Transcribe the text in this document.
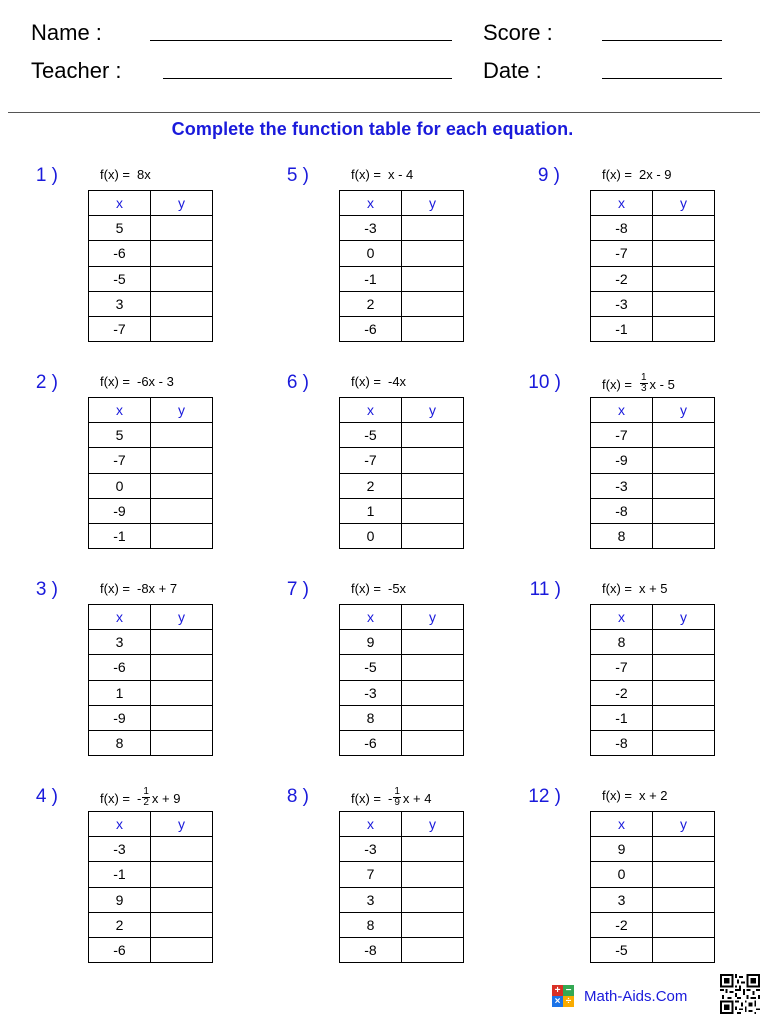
Name :	Score :
Teacher :	Date :
Complete the function table for each equation.
1 )	f(x) = 8x
x	y
5	
-6	
-5	
3	
-7	
2 )	f(x) = -6x - 3
x	y
5	
-7	
0	
-9	
-1	
3 )	f(x) = -8x + 7
x	y
3	
-6	
1	
-9	
8	
4 )	f(x) = - $\frac{1}{2}$ x + 9
x	y
-3	
-1	
9	
2	
-6	
5 )	f(x) = x - 4
x	y
-3	
0	
-1	
2	
-6	
6 )	f(x) = -4x
x	y
-5	
-7	
2	
1	
0	
7 )	f(x) = -5x
x	y
9	
-5	
-3	
8	
-6	
8 )	f(x) = - $\frac{1}{9}$ x + 4
x	y
-3	
7	
3	
8	
-8	
9 )	f(x) = 2x - 9
x	y
-8	
-7	
-2	
-3	
-1	
10 )	$f(x) = \frac{1}{3}$ x - 5
x	y
-7	
-9	
-3	
-8	
8	
11 )	f(x) = x + 5
x	y
8	
-7	
-2	
-1	
-8	
12 )	f(x) = x + 2
x	y
9	
0	
3	
-2	
-5	
+ −
× ÷ Math-Aids.Com
